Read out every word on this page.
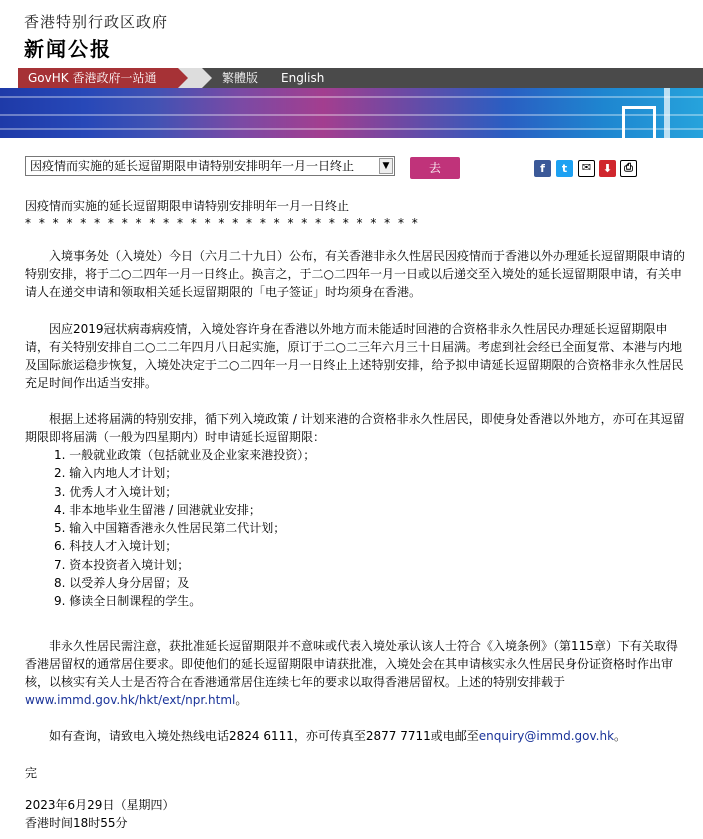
香港特别行政区政府
新闻公报
GovHK 香港政府一站通	繁體版 English
因疫情而实施的延长逗留期限申请特别安排明年一月一日终止	▼	去	f	t	✉	⬇	⎙
因疫情而实施的延长逗留期限申请特别安排明年一月一日终止
* * * * * * * * * * * * * * * * * * * * * * * * * * * * *
入境事务处（入境处）今日（六月二十九日）公布，有关香港非永久性居民因疫情而于香港以外办理延长逗留期限申请的特别安排，将于二○二四年一月一日终止。换言之，于二○二四年一月一日或以后递交至入境处的延长逗留期限申请，有关申请人在递交申请和领取相关延长逗留期限的「电子签证」时均须身在香港。
因应2019冠状病毒病疫情，入境处容许身在香港以外地方而未能适时回港的合资格非永久性居民办理延长逗留期限申请，有关特别安排自二○二二年四月八日起实施，原订于二○二三年六月三十日届满。考虑到社会经已全面复常、本港与内地及国际旅运稳步恢复，入境处决定于二○二四年一月一日终止上述特别安排，给予拟申请延长逗留期限的合资格非永久性居民充足时间作出适当安排。
根据上述将届满的特别安排，循下列入境政策 / 计划来港的合资格非永久性居民，即使身处香港以外地方，亦可在其逗留期限即将届满（一般为四星期内）时申请延长逗留期限：
1. 一般就业政策（包括就业及企业家来港投资）；
2. 输入内地人才计划；
3. 优秀人才入境计划；
4. 非本地毕业生留港 / 回港就业安排；
5. 输入中国籍香港永久性居民第二代计划；
6. 科技人才入境计划；
7. 资本投资者入境计划；
8. 以受养人身分居留；及
9. 修读全日制课程的学生。
非永久性居民需注意，获批准延长逗留期限并不意味或代表入境处承认该人士符合《入境条例》（第115章）下有关取得香港居留权的通常居住要求。即使他们的延长逗留期限申请获批准，入境处会在其申请核实永久性居民身份证资格时作出审核，以核实有关人士是否符合在香港通常居住连续七年的要求以取得香港居留权。上述的特别安排载于www.immd.gov.hk/hkt/ext/npr.html。
如有查询，请致电入境处热线电话2824 6111，亦可传真至2877 7711或电邮至enquiry@immd.gov.hk。
完
2023年6月29日（星期四）
香港时间18时55分
